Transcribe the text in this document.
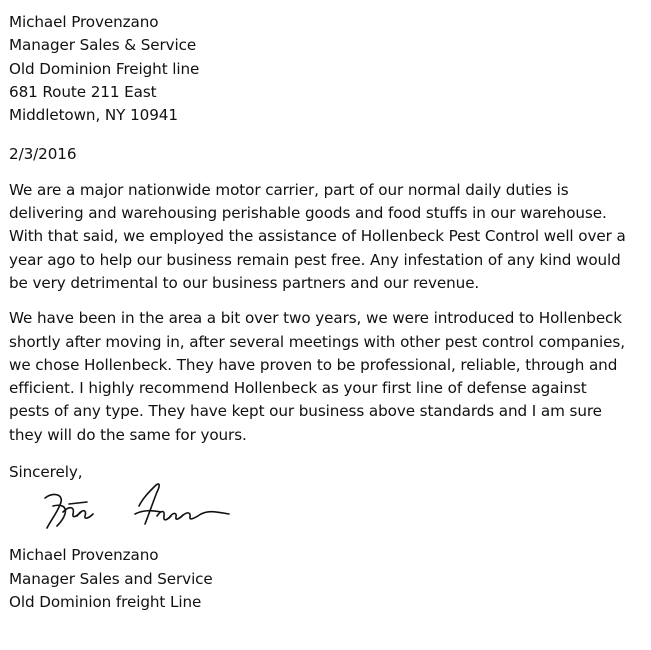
Michael Provenzano
Manager Sales & Service
Old Dominion Freight line
681 Route 211 East
Middletown, NY 10941
2/3/2016
We are a major nationwide motor carrier, part of our normal daily duties is
delivering and warehousing perishable goods and food stuffs in our warehouse.
With that said, we employed the assistance of Hollenbeck Pest Control well over a
year ago to help our business remain pest free. Any infestation of any kind would
be very detrimental to our business partners and our revenue.
We have been in the area a bit over two years, we were introduced to Hollenbeck
shortly after moving in, after several meetings with other pest control companies,
we chose Hollenbeck. They have proven to be professional, reliable, through and
efficient. I highly recommend Hollenbeck as your first line of defense against
pests of any type. They have kept our business above standards and I am sure
they will do the same for yours.
Sincerely,
Michael Provenzano
Manager Sales and Service
Old Dominion freight Line
